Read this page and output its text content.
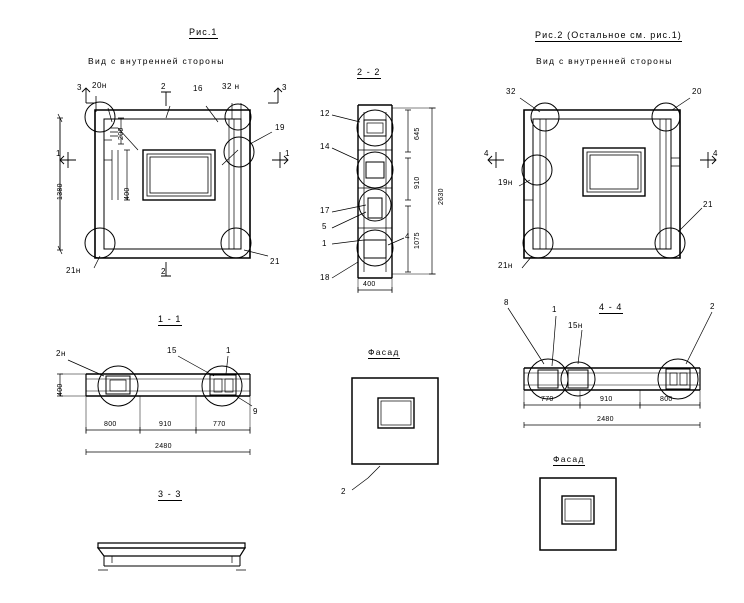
Рис.1
Вид с внутренней стороны
Рис.2 (Остальное см. рис.1)
Вид с внутренней стороны
2 - 2
1 - 1
3 - 3
4 - 4
Фасад
Фасад
3 20н	16 32 н	3
2
19
1	1
21н
21
2
1380	400
200
12
14
17
5
1
18
4
645
910
1075
2630
400
32	20
4	4
19н
21
21н
2н	15	1
9
400
800	910	770
2480
8
1
15н
2
770	910	800
2480
2
